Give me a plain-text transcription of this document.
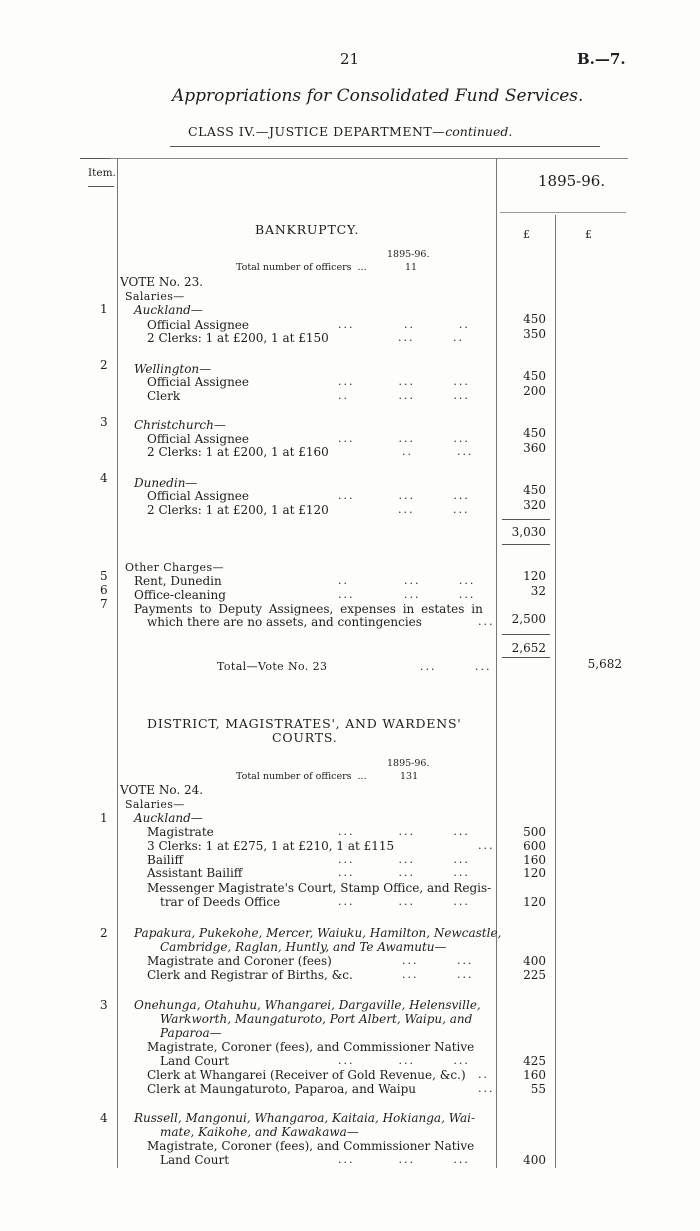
21	B.—7.
Appropriations for Consolidated Fund Services.
CLASS IV.—JUSTICE DEPARTMENT—continued.
Item.	1895-96.
£	£
BANKRUPTCY.
1895-96.
Total number of officers  ...	11
VOTE No. 23.
Salaries—
1 Auckland—
Official Assignee	...         ..        ..	450
2 Clerks: 1 at £200, 1 at £150	...       ..	350
2 Wellington—
Official Assignee	...        ...       ...	450
Clerk	..         ...       ...	200
3 Christchurch—
Official Assignee	...        ...       ...	450
2 Clerks: 1 at £200, 1 at £160	..        ...	360
4 Dunedin—
Official Assignee	...        ...       ...	450
2 Clerks: 1 at £200, 1 at £120	...       ...	320
3,030
Other Charges—
5 Rent, Dunedin	..          ...       ...	120
6 Office-cleaning	...         ...       ...	32
7 Payments to Deputy Assignees, expenses in estates in
which there are no assets, and contingencies	...	2,500
2,652
Total—Vote No. 23	...       ...	5,682
DISTRICT, MAGISTRATES', AND WARDENS'
COURTS.
1895-96.
Total number of officers  ...	131
VOTE No. 24.
Salaries—
1 Auckland—
Magistrate	...        ...       ...	500
3 Clerks: 1 at £275, 1 at £210, 1 at £115	...	600
Bailiff	...        ...       ...	160
Assistant Bailiff	...        ...       ...	120
Messenger Magistrate's Court, Stamp Office, and Regis-
trar of Deeds Office	...        ...       ...	120
2 Papakura, Pukekohe, Mercer, Waiuku, Hamilton, Newcastle,
Cambridge, Raglan, Huntly, and Te Awamutu—
Magistrate and Coroner (fees)	...       ...	400
Clerk and Registrar of Births, &c.	...       ...	225
3 Onehunga, Otahuhu, Whangarei, Dargaville, Helensville,
Warkworth, Maungaturoto, Port Albert, Waipu, and
Paparoa—
Magistrate, Coroner (fees), and Commissioner Native
Land Court	...        ...       ...	425
Clerk at Whangarei (Receiver of Gold Revenue, &c.) ..	160
Clerk at Maungaturoto, Paparoa, and Waipu	...	55
4 Russell, Mangonui, Whangaroa, Kaitaia, Hokianga, Wai-
mate, Kaikohe, and Kawakawa—
Magistrate, Coroner (fees), and Commissioner Native
Land Court	...        ...       ...	400
